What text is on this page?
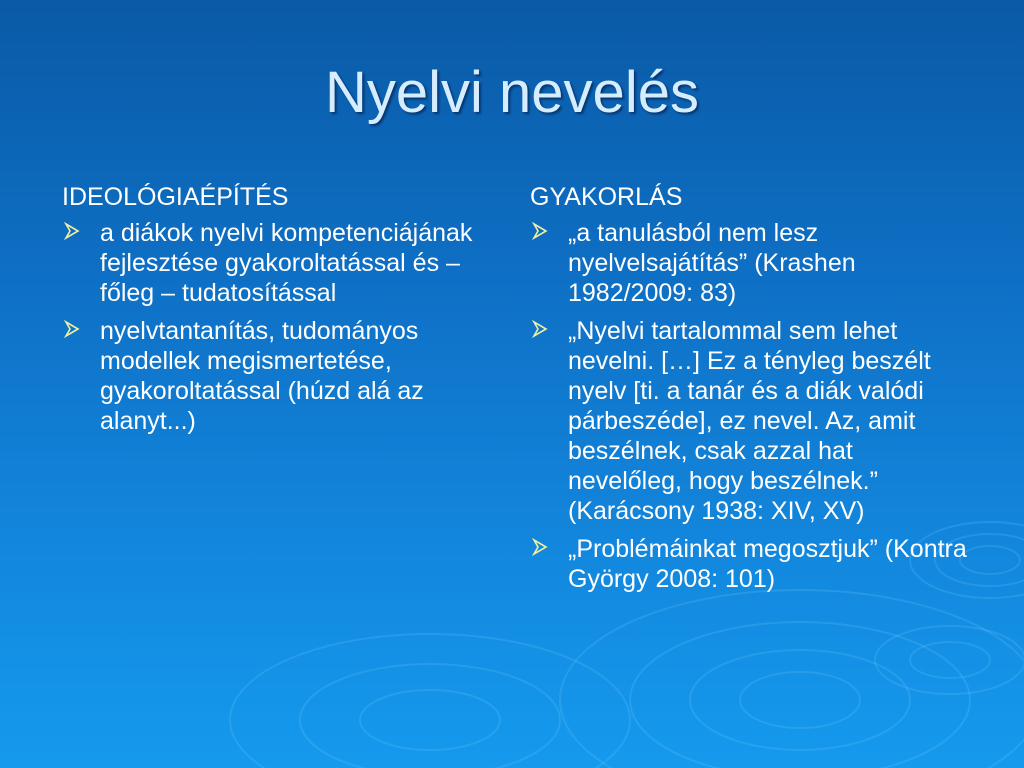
Nyelvi nevelés
IDEOLÓGIAÉPÍTÉS
a diákok nyelvi kompetenciájának fejlesztése gyakoroltatással és – főleg – tudatosítással
nyelvtantanítás, tudományos modellek megismertetése, gyakoroltatással (húzd alá az alanyt...)
GYAKORLÁS
„a tanulásból nem lesz nyelvelsajátítás” (Krashen 1982/2009: 83)
„Nyelvi tartalommal sem lehet nevelni. […] Ez a tényleg beszélt nyelv [ti. a tanár és a diák valódi párbeszéde], ez nevel. Az, amit beszélnek, csak azzal hat nevelőleg, hogy beszélnek.” (Karácsony 1938: XIV, XV)
„Problémáinkat megosztjuk” (Kontra György 2008: 101)
